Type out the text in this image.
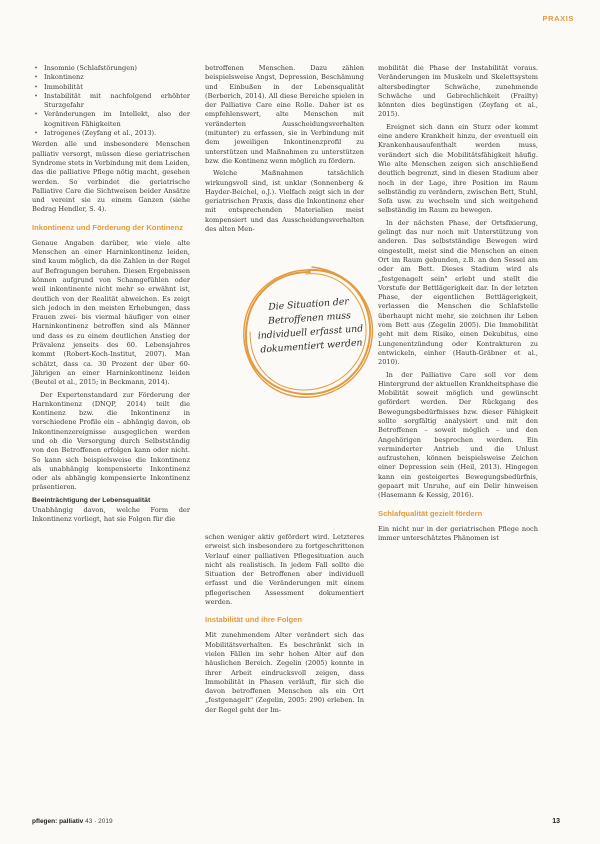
PRAXIS
• Insomnie (Schlafstörungen)
• Inkontinenz
• Immobilität
• Instabilität mit nachfolgend erhöhter Sturzgefahr
• Veränderungen im Intellekt, also der kognitiven Fähigkeiten
• Iatrogenes (Zeyfang et al., 2013).

Werden alle und insbesondere Menschen palliativ versorgt, müssen diese geriatrischen Syndrome stets in Verbindung mit dem Leiden, das die palliative Pflege nötig macht, gesehen werden. So verbindet die geriatrische Palliative Care die Sichtweisen beider Ansätze und vereint sie zu einem Ganzen (siehe Bedrag Hendler, S. 4).

Inkontinenz und Förderung der Kontinenz

Genaue Angaben darüber, wie viele alte Menschen an einer Harninkontinenz leiden, sind kaum möglich, da die Zahlen in der Regel auf Befragungen beruhen. Diesen Ergebnissen können aufgrund von Schamgefühlen oder weil inkontinente nicht mehr so erwähnt ist, deutlich von der Realität abweichen. Es zeigt sich jedoch in den meisten Erhebungen, dass Frauen zwei- bis viermal häufiger von einer Harninkontinenz betroffen sind als Männer und dass es zu einem deutlichen Anstieg der Prävalenz jenseits des 60. Lebensjahres kommt (Robert-Koch-Institut, 2007). Man schätzt, dass ca. 30 Prozent der über 60-Jährigen an einer Harninkontinenz leiden (Beutel et al., 2015; in Beckmann, 2014).

Der Expertenstandard zur Förderung der Harnkontinenz (DNQP, 2014) teilt die Kontinenz bzw. die Inkontinenz in verschiedene Profile ein – abhängig davon, ob Inkontinenzereignisse ausgeglichen werden und ob die Versorgung durch Selbstständig von den Betroffenen erfolgen kann oder nicht. So kann sich beispielsweise die Inkontinenz als unabhängig kompensierte Inkontinenz oder als abhängig kompensierte Inkontinenz präsentieren.

Beeinträchtigung der Lebensqualität

Unabhängig davon, welche Form der Inkontinenz vorliegt, hat sie Folgen für die

betroffenen Menschen. Dazu zählen beispielsweise Angst, Depression, Beschämung und Einbußen in der Lebensqualität (Berberich, 2014). All diese Bereiche spielen in der Palliative Care eine Rolle. Daher ist es empfehlenswert, alte Menschen mit veränderten Ausscheidungsverhalten (mitunter) zu erfassen, sie in Verbindung mit dem jeweiligen Inkontinenzprofil zu unterstützen und Maßnahmen zu unterstützen bzw. die Kontinenz wenn möglich zu fördern.

Welche Maßnahmen tatsächlich wirkungsvoll sind, ist unklar (Sonnenberg & Hayder-Beichel, o.J.). Vielfach zeigt sich in der geriatrischen Praxis, dass die Inkontinenz eher mit entsprechenden Materialien meist kompensiert und das Ausscheidungsverhalten des alten Men-

Die Situation der Betroffenen muss individuell erfasst und dokumentiert werden

schen weniger aktiv gefördert wird. Letzteres erweist sich insbesondere zu fortgeschrittenen Verlauf einer palliativen Pflegesituation auch nicht als realistisch. In jedem Fall sollte die Situation der Betroffenen aber individuell erfasst und die Veränderungen mit einem pflegerischen Assessment dokumentiert werden.

Instabilität und ihre Folgen

Mit zunehmendem Alter verändert sich das Mobilitätsverhalten. Es beschränkt sich in vielen Fällen im sehr hohen Alter auf den häuslichen Bereich. Zegelin (2005) konnte in ihrer Arbeit eindrucksvoll zeigen, dass Immobilität in Phasen verläuft, für sich die davon betroffenen Menschen als ein Ort „festgenagelt" (Zegelin, 2005: 290) erleben. In der Regel geht der Im-

mobilität die Phase der Instabilität voraus. Veränderungen im Muskeln und Skelettsystem altersbedingter Schwäche, zunehmende Schwäche und Gebrechlichkeit (Frailty) könnten dies begünstigen (Zeyfang et al., 2015).

Ereignet sich dann ein Sturz oder kommt eine andere Krankheit hinzu, der eventuell ein Krankenhausaufenthalt werden muss, verändert sich die Mobilitätsfähigkeit häufig. Wie alte Menschen zeigen sich anschließend deutlich begrenzt, sind in diesen Stadium aber noch in der Lage, ihre Position im Raum selbständig zu verändern, zwischen Bett, Stuhl, Sofa usw. zu wechseln und sich weitgehend selbständig im Raum zu bewegen.

In der nächsten Phase, der Ortsfixierung, gelingt das nur noch mit Unterstützung von anderen. Das selbstständige Bewegen wird eingestellt, meist sind die Menschen an einen Ort im Raum gebunden, z.B. an den Sessel am oder am Bett. Dieses Stadium wird als „festgenagelt sein" erlebt und stellt die Vorstufe der Bettlägerigkeit dar. In der letzten Phase, der eigentlichen Bettlägerigkeit, verlassen die Menschen die Schlafstelle überhaupt nicht mehr, sie zeichnen ihr Leben vom Bett aus (Zegelin 2005). Die Immobilität geht mit dem Risiko, einen Dekubitus, eine Lungenentzündung oder Kontrakturen zu entwickeln, einher (Hauth-Gräbner et al., 2010).

In der Palliative Care soll vor dem Hintergrund der aktuellen Krankheitsphase die Mobilität soweit möglich und gewünscht gefördert werden. Der Rückgang des Bewegungsbedürfnisses bzw. dieser Fähigkeit sollte sorgfältig analysiert und mit den Betroffenen – soweit möglich – und den Angehörigen besprochen werden. Ein verminderter Antrieb und die Unlust aufzustehen, können beispielsweise Zeichen einer Depression sein (Heil, 2013). Hingegen kann ein gesteigertes Bewegungsbedürfnis, gepaart mit Unruhe, auf ein Delir hinweisen (Hasemann & Kessig, 2016).

Schlafqualität gezielt fördern

Ein nicht nur in der geriatrischen Pflege noch immer unterschätztes Phänomen ist

pflegen: palliativ 43 · 2019	13
